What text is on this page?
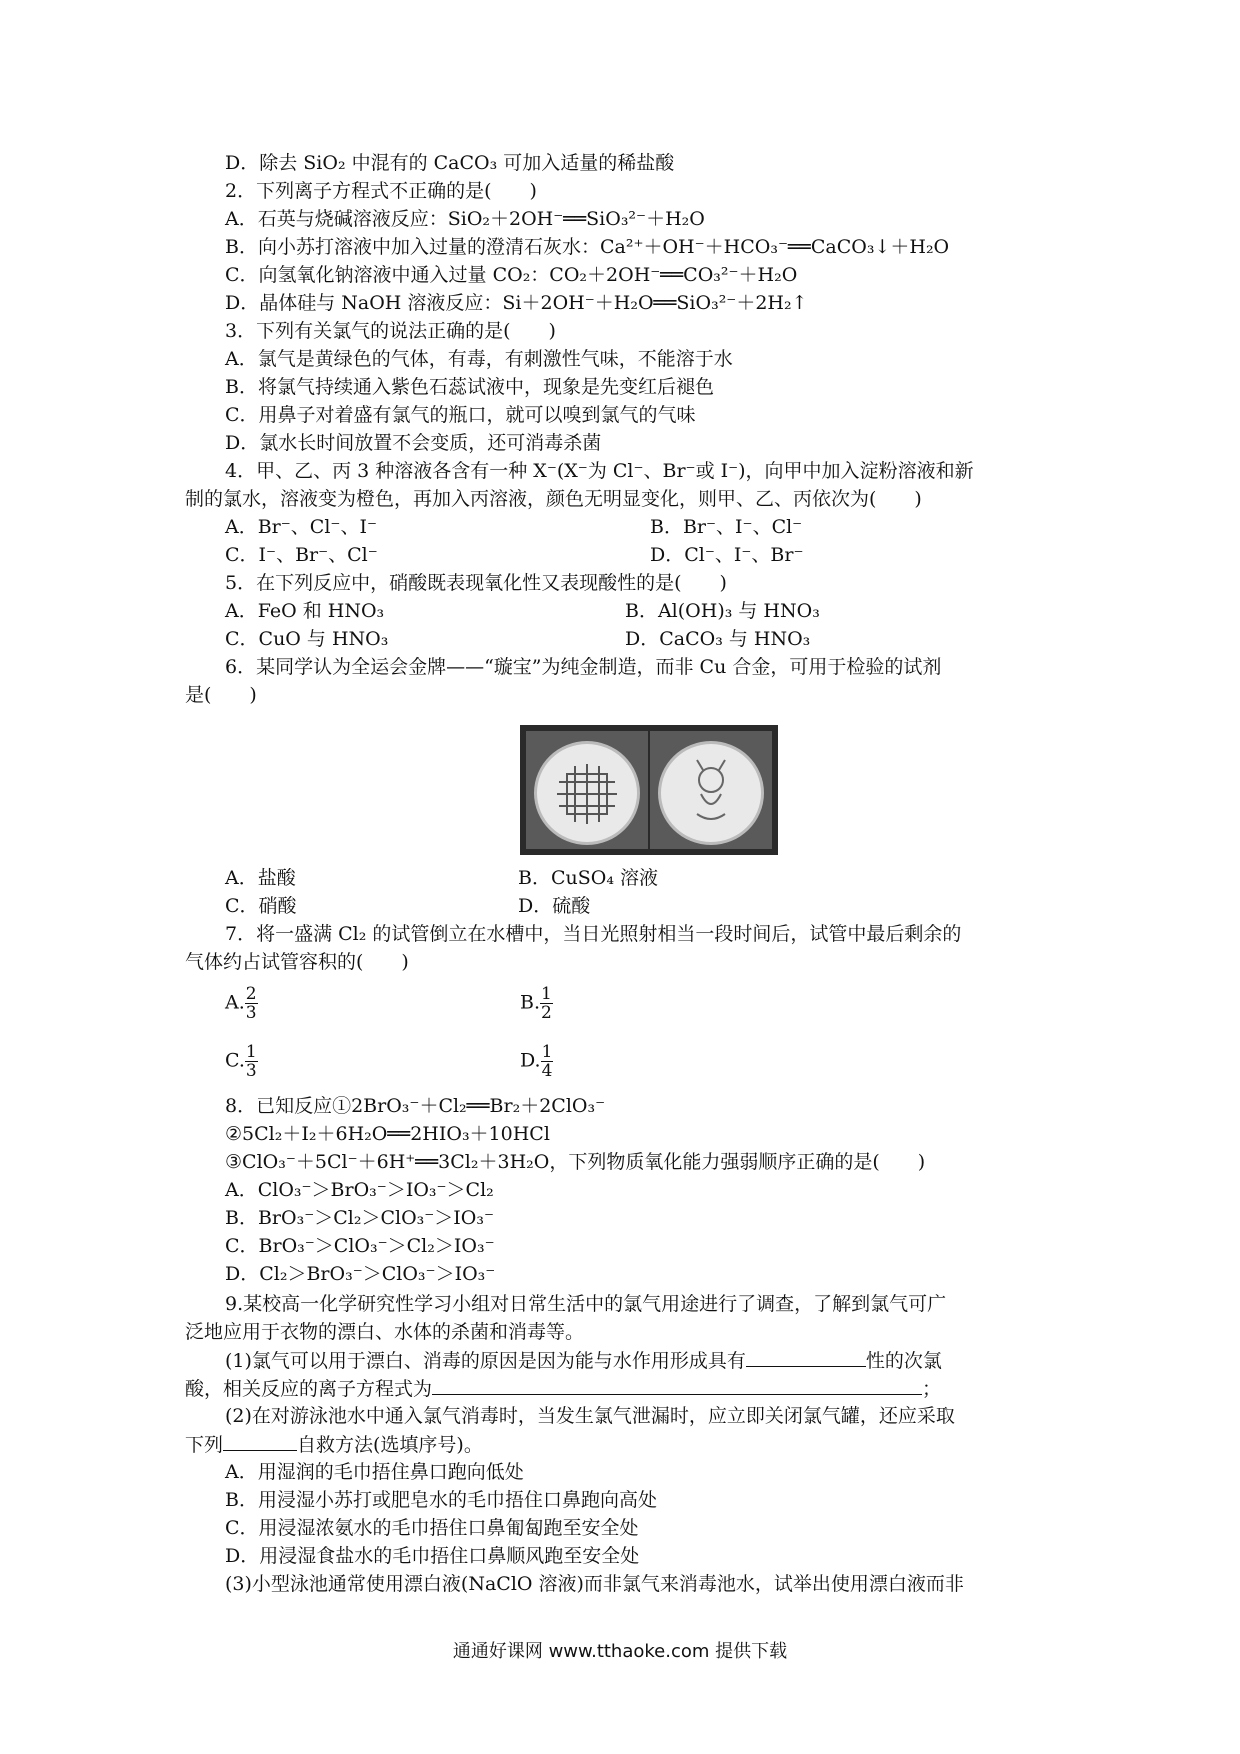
D．除去 SiO₂ 中混有的 CaCO₃ 可加入适量的稀盐酸
2．下列离子方程式不正确的是(　　)
A．石英与烧碱溶液反应：SiO₂＋2OH⁻══SiO₃²⁻＋H₂O
B．向小苏打溶液中加入过量的澄清石灰水：Ca²⁺＋OH⁻＋HCO₃⁻══CaCO₃↓＋H₂O
C．向氢氧化钠溶液中通入过量 CO₂：CO₂＋2OH⁻══CO₃²⁻＋H₂O
D．晶体硅与 NaOH 溶液反应：Si＋2OH⁻＋H₂O══SiO₃²⁻＋2H₂↑
3．下列有关氯气的说法正确的是(　　)
A．氯气是黄绿色的气体，有毒，有刺激性气味，不能溶于水
B．将氯气持续通入紫色石蕊试液中，现象是先变红后褪色
C．用鼻子对着盛有氯气的瓶口，就可以嗅到氯气的气味
D．氯水长时间放置不会变质，还可消毒杀菌
4．甲、乙、丙 3 种溶液各含有一种 X⁻(X⁻为 Cl⁻、Br⁻或 I⁻)，向甲中加入淀粉溶液和新
制的氯水，溶液变为橙色，再加入丙溶液，颜色无明显变化，则甲、乙、丙依次为(　　)
A．Br⁻、Cl⁻、I⁻	B．Br⁻、I⁻、Cl⁻
C．I⁻、Br⁻、Cl⁻	D．Cl⁻、I⁻、Br⁻
5．在下列反应中，硝酸既表现氧化性又表现酸性的是(　　)
A．FeO 和 HNO₃	B．Al(OH)₃ 与 HNO₃
C．CuO 与 HNO₃	D．CaCO₃ 与 HNO₃
6．某同学认为全运会金牌——“璇宝”为纯金制造，而非 Cu 合金，可用于检验的试剂
是(　　)
A．盐酸	B．CuSO₄ 溶液
C．硝酸	D．硫酸
7．将一盛满 Cl₂ 的试管倒立在水槽中，当日光照射相当一段时间后，试管中最后剩余的
气体约占试管容积的(　　)
A. $\frac{2}{3}$	B. $\frac{1}{2}$
C. $\frac{1}{3}$	D. $\frac{1}{4}$
8．已知反应①2BrO₃⁻＋Cl₂══Br₂＋2ClO₃⁻
②5Cl₂＋I₂＋6H₂O══2HIO₃＋10HCl
③ClO₃⁻＋5Cl⁻＋6H⁺══3Cl₂＋3H₂O，下列物质氧化能力强弱顺序正确的是(　　)
A．ClO₃⁻＞BrO₃⁻＞IO₃⁻＞Cl₂
B．BrO₃⁻＞Cl₂＞ClO₃⁻＞IO₃⁻
C．BrO₃⁻＞ClO₃⁻＞Cl₂＞IO₃⁻
D．Cl₂＞BrO₃⁻＞ClO₃⁻＞IO₃⁻
9.某校高一化学研究性学习小组对日常生活中的氯气用途进行了调查，了解到氯气可广
泛地应用于衣物的漂白、水体的杀菌和消毒等。
(1)氯气可以用于漂白、消毒的原因是因为能与水作用形成具有	性的次氯
酸，相关反应的离子方程式为	；
(2)在对游泳池水中通入氯气消毒时，当发生氯气泄漏时，应立即关闭氯气罐，还应采取
下列	自救方法(选填序号)。
A．用湿润的毛巾捂住鼻口跑向低处
B．用浸湿小苏打或肥皂水的毛巾捂住口鼻跑向高处
C．用浸湿浓氨水的毛巾捂住口鼻匍匐跑至安全处
D．用浸湿食盐水的毛巾捂住口鼻顺风跑至安全处
(3)小型泳池通常使用漂白液(NaClO 溶液)而非氯气来消毒池水，试举出使用漂白液而非
通通好课网 www.tthaoke.com 提供下载
